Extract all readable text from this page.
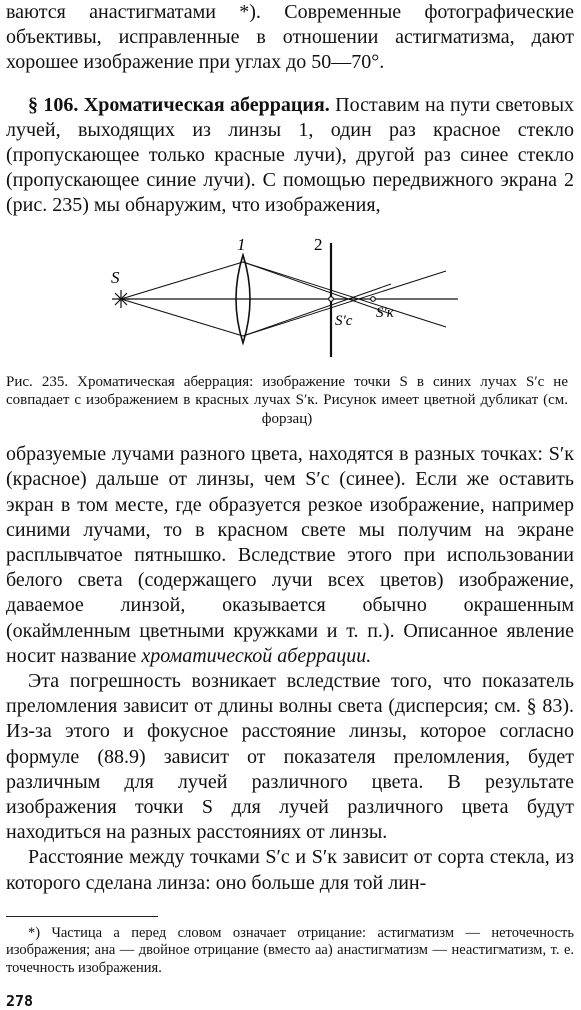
ваются анастигматами *). Современные фотографические объективы, исправленные в отношении астигматизма, дают хорошее изображение при углах до 50—70°.

§ 106. Хроматическая аберрация. Поставим на пути световых лучей, выходящих из линзы 1, один раз красное стекло (пропускающее только красные лучи), другой раз синее стекло (пропускающее синие лучи). С помощью передвижного экрана 2 (рис. 235) мы обнаружим, что изображения,

1	2
S
S′c S′к

Рис. 235. Хроматическая аберрация: изображение точки S в синих лучах S′c не совпадает с изображением в красных лучах S′к. Рисунок имеет цветной дубликат (см. форзац)

образуемые лучами разного цвета, находятся в разных точках: S′к (красное) дальше от линзы, чем S′c (синее). Если же оставить экран в том месте, где образуется резкое изображение, например синими лучами, то в красном свете мы получим на экране расплывчатое пятнышко. Вследствие этого при использовании белого света (содержащего лучи всех цветов) изображение, даваемое линзой, оказывается обычно окрашенным (окаймленным цветными кружками и т. п.). Описанное явление носит название хроматической аберрации.

Эта погрешность возникает вследствие того, что показатель преломления зависит от длины волны света (дисперсия; см. § 83). Из-за этого и фокусное расстояние линзы, которое согласно формуле (88.9) зависит от показателя преломления, будет различным для лучей различного цвета. В результате изображения точки S для лучей различного цвета будут находиться на разных расстояниях от линзы.

Расстояние между точками S′c и S′к зависит от сорта стекла, из которого сделана линза: оно больше для той лин-

*) Частица а перед словом означает отрицание: астигматизм — неточечность изображения; ана — двойное отрицание (вместо аа) анастигматизм — неастигматизм, т. е. точечность изображения.

278
